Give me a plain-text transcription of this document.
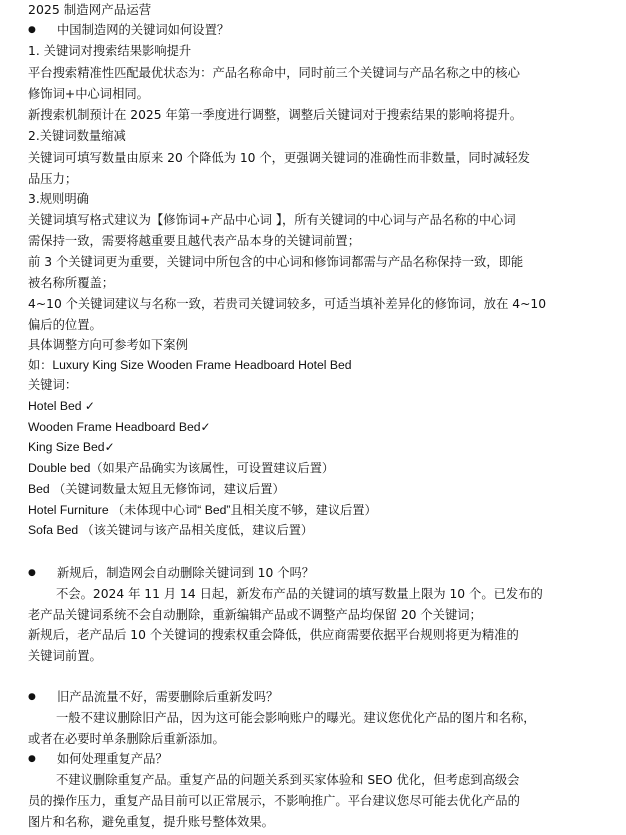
2025 制造网产品运营
● 中国制造网的关键词如何设置？
1. 关键词对搜索结果影响提升
平台搜索精准性匹配最优状态为：产品名称命中，同时前三个关键词与产品名称之中的核心
修饰词+中心词相同。
新搜索机制预计在 2025 年第一季度进行调整，调整后关键词对于搜索结果的影响将提升。
2.关键词数量缩减
关键词可填写数量由原来 20 个降低为 10 个，更强调关键词的准确性而非数量，同时减轻发
品压力；
3.规则明确
关键词填写格式建议为【修饰词+产品中心词 】，所有关键词的中心词与产品名称的中心词
需保持一致，需要将越重要且越代表产品本身的关键词前置；
前 3 个关键词更为重要，关键词中所包含的中心词和修饰词都需与产品名称保持一致，即能
被名称所覆盖；
4~10 个关键词建议与名称一致，若贵司关键词较多，可适当填补差异化的修饰词，放在 4~10
偏后的位置。
具体调整方向可参考如下案例
如：Luxury King Size Wooden Frame Headboard Hotel Bed
关键词：
Hotel Bed ✓
Wooden Frame Headboard Bed✓
King Size Bed✓
Double bed（如果产品确实为该属性，可设置建议后置）
Bed （关键词数量太短且无修饰词，建议后置）
Hotel Furniture （未体现中心词“ Bed”且相关度不够，建议后置）
Sofa Bed （该关键词与该产品相关度低，建议后置）
● 新规后，制造网会自动删除关键词到 10 个吗？
不会。2024 年 11 月 14 日起，新发布产品的关键词的填写数量上限为 10 个。已发布的
老产品关键词系统不会自动删除，重新编辑产品或不调整产品均保留 20 个关键词；
新规后，老产品后 10 个关键词的搜索权重会降低，供应商需要依据平台规则将更为精准的
关键词前置。
● 旧产品流量不好，需要删除后重新发吗？
一般不建议删除旧产品，因为这可能会影响账户的曝光。建议您优化产品的图片和名称，
或者在必要时单条删除后重新添加。
● 如何处理重复产品？
不建议删除重复产品。重复产品的问题关系到买家体验和 SEO 优化，但考虑到高级会
员的操作压力，重复产品目前可以正常展示，不影响推广。平台建议您尽可能去优化产品的
图片和名称，避免重复，提升账号整体效果。
